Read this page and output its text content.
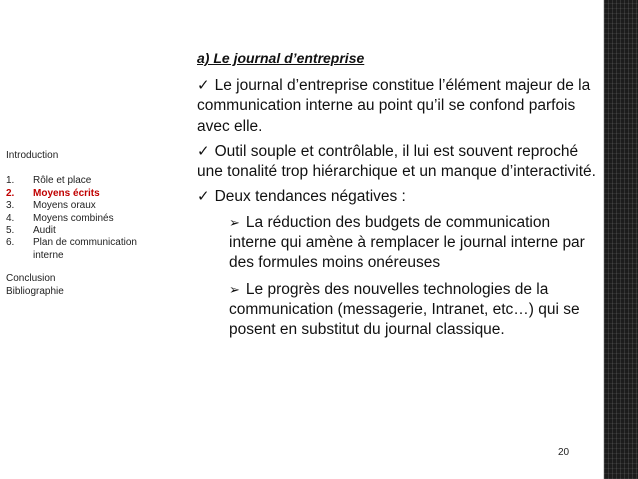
Introduction
1.	Rôle et place
2.	Moyens écrits
3.	Moyens oraux
4.	Moyens combinés
5.	Audit
6.	Plan de communication interne
Conclusion
Bibliographie
a) Le journal d’entreprise

✓ Le journal d’entreprise constitue l’élément majeur de la communication interne au point qu’il se confond parfois avec elle.

✓ Outil souple et contrôlable, il lui est souvent reproché une tonalité trop hiérarchique et un manque d’interactivité.

✓ Deux tendances négatives :

➢ La réduction des budgets de communication interne qui amène à remplacer le journal interne par des formules moins onéreuses

➢ Le progrès des nouvelles technologies de la communication (messagerie, Intranet, etc…) qui se posent en substitut du journal classique.

20
